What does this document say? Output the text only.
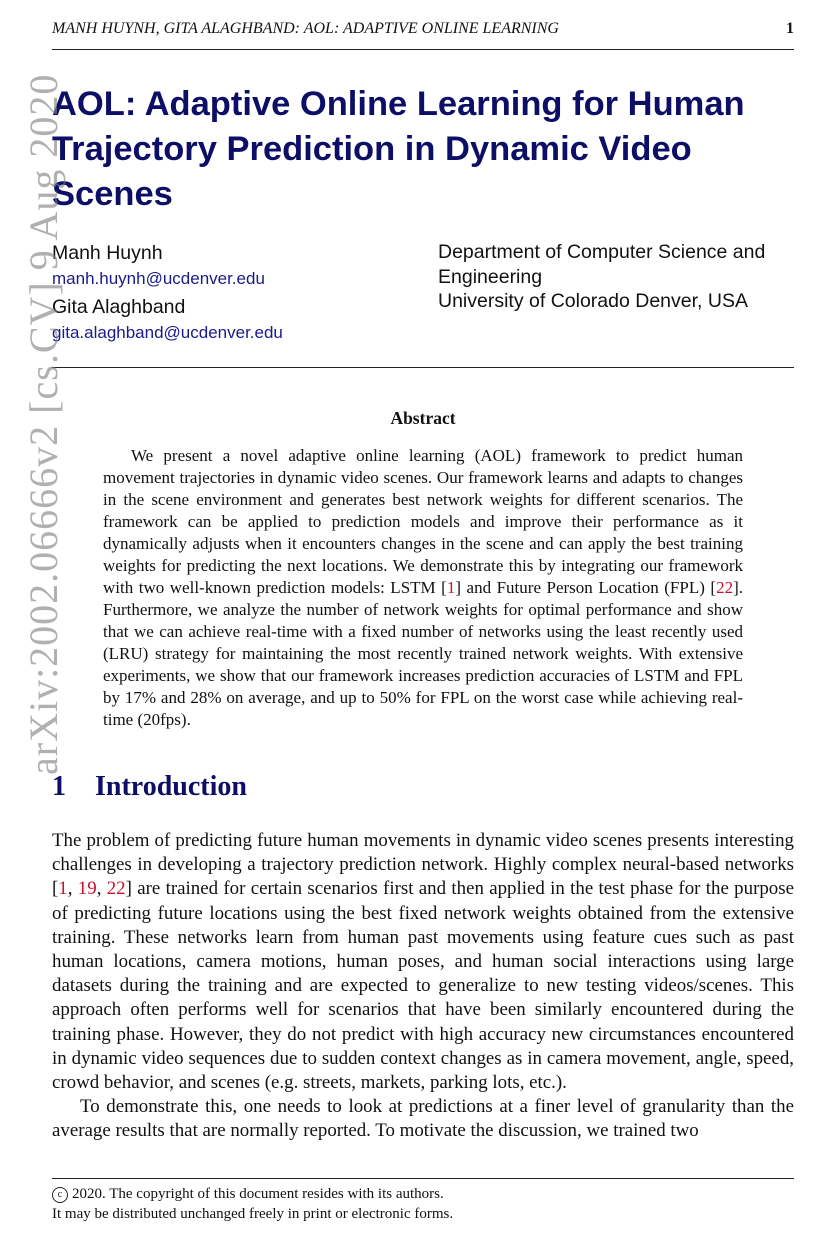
MANH HUYNH, GITA ALAGHBAND: AOL: ADAPTIVE ONLINE LEARNING	1
AOL: Adaptive Online Learning for Human
Trajectory Prediction in Dynamic Video
Scenes
Manh Huynh
manh.huynh@ucdenver.edu
Gita Alaghband
gita.alaghband@ucdenver.edu
Department of Computer Science and
Engineering
University of Colorado Denver, USA
Abstract

We present a novel adaptive online learning (AOL) framework to predict human movement trajectories in dynamic video scenes. Our framework learns and adapts to changes in the scene environment and generates best network weights for different scenarios. The framework can be applied to prediction models and improve their performance as it dynamically adjusts when it encounters changes in the scene and can apply the best training weights for predicting the next locations. We demonstrate this by integrating our framework with two well-known prediction models: LSTM [1] and Future Person Location (FPL) [22]. Furthermore, we analyze the number of network weights for optimal performance and show that we can achieve real-time with a fixed number of networks using the least recently used (LRU) strategy for maintaining the most recently trained network weights. With extensive experiments, we show that our framework increases prediction accuracies of LSTM and FPL by 17% and 28% on average, and up to 50% for FPL on the worst case while achieving real-time (20fps).

1 Introduction

The problem of predicting future human movements in dynamic video scenes presents interesting challenges in developing a trajectory prediction network. Highly complex neural-based networks [1, 19, 22] are trained for certain scenarios first and then applied in the test phase for the purpose of predicting future locations using the best fixed network weights obtained from the extensive training. These networks learn from human past movements using feature cues such as past human locations, camera motions, human poses, and human social interactions using large datasets during the training and are expected to generalize to new testing videos/scenes. This approach often performs well for scenarios that have been similarly encountered during the training phase. However, they do not predict with high accuracy new circumstances encountered in dynamic video sequences due to sudden context changes as in camera movement, angle, speed, crowd behavior, and scenes (e.g. streets, markets, parking lots, etc.).

To demonstrate this, one needs to look at predictions at a finer level of granularity than the average results that are normally reported. To motivate the discussion, we trained two

c 2020. The copyright of this document resides with its authors.
It may be distributed unchanged freely in print or electronic forms.
arXiv:2002.06666v2 [cs.CV] 9 Aug 2020
